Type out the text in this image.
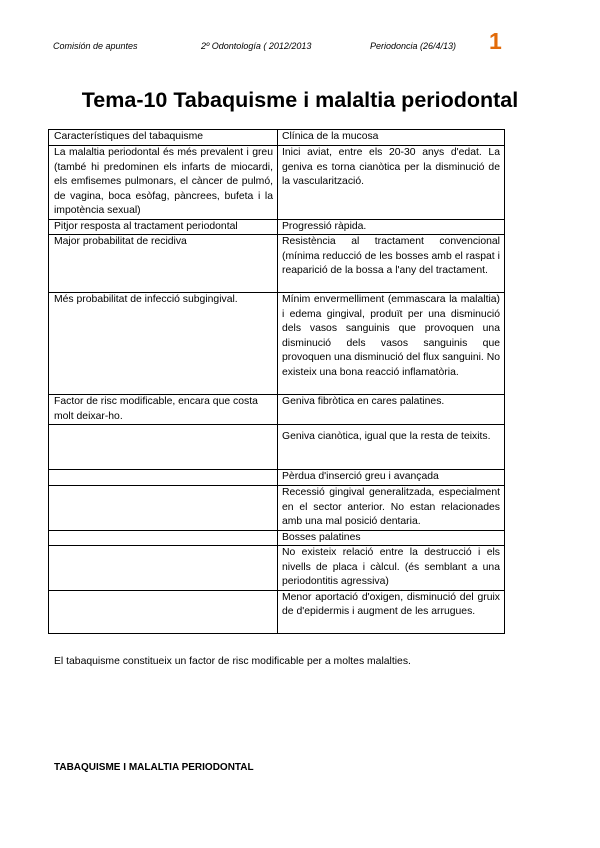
Comisión de apuntes	2º Odontología ( 2012/2013	Periodoncia (26/4/13) 1
Tema-10 Tabaquisme i malaltia periodontal
Característiques del tabaquisme	Clínica de la mucosa
La malaltia periodontal és més prevalent i greu (també hi predominen els infarts de miocardi, els emfisemes pulmonars, el càncer de pulmó, de vagina, boca esòfag, pàncrees, bufeta i la impotència sexual)	Inici aviat, entre els 20-30 anys d'edat. La geniva es torna cianòtica per la disminució de la vascularització.
Pitjor resposta al tractament periodontal	Progressió ràpida.
Major probabilitat de recidiva	Resistència al tractament convencional (mínima reducció de les bosses amb el raspat i reaparició de la bossa a l'any del tractament.
Més probabilitat de infecció subgingival.	Mínim envermelliment (emmascara la malaltia) i edema gingival, produït per una disminució dels vasos sanguinis que provoquen una disminució dels vasos sanguinis que provoquen una disminució del flux sanguini. No existeix una bona reacció inflamatòria.
Factor de risc modificable, encara que costa molt deixar-ho.	Geniva fibròtica en cares palatines.
	Geniva cianòtica, igual que la resta de teixits.
	Pèrdua d'inserció greu i avançada
	Recessió gingival generalitzada, especialment en el sector anterior. No estan relacionades amb una mal posició dentaria.
	Bosses palatines
	No existeix relació entre la destrucció i els nivells de placa i càlcul. (és semblant a una periodontitis agressiva)
	Menor aportació d'oxigen, disminució del gruix de d'epidermis i augment de les arrugues.
El tabaquisme constitueix un factor de risc modificable per a moltes malalties.
TABAQUISME I MALALTIA PERIODONTAL
